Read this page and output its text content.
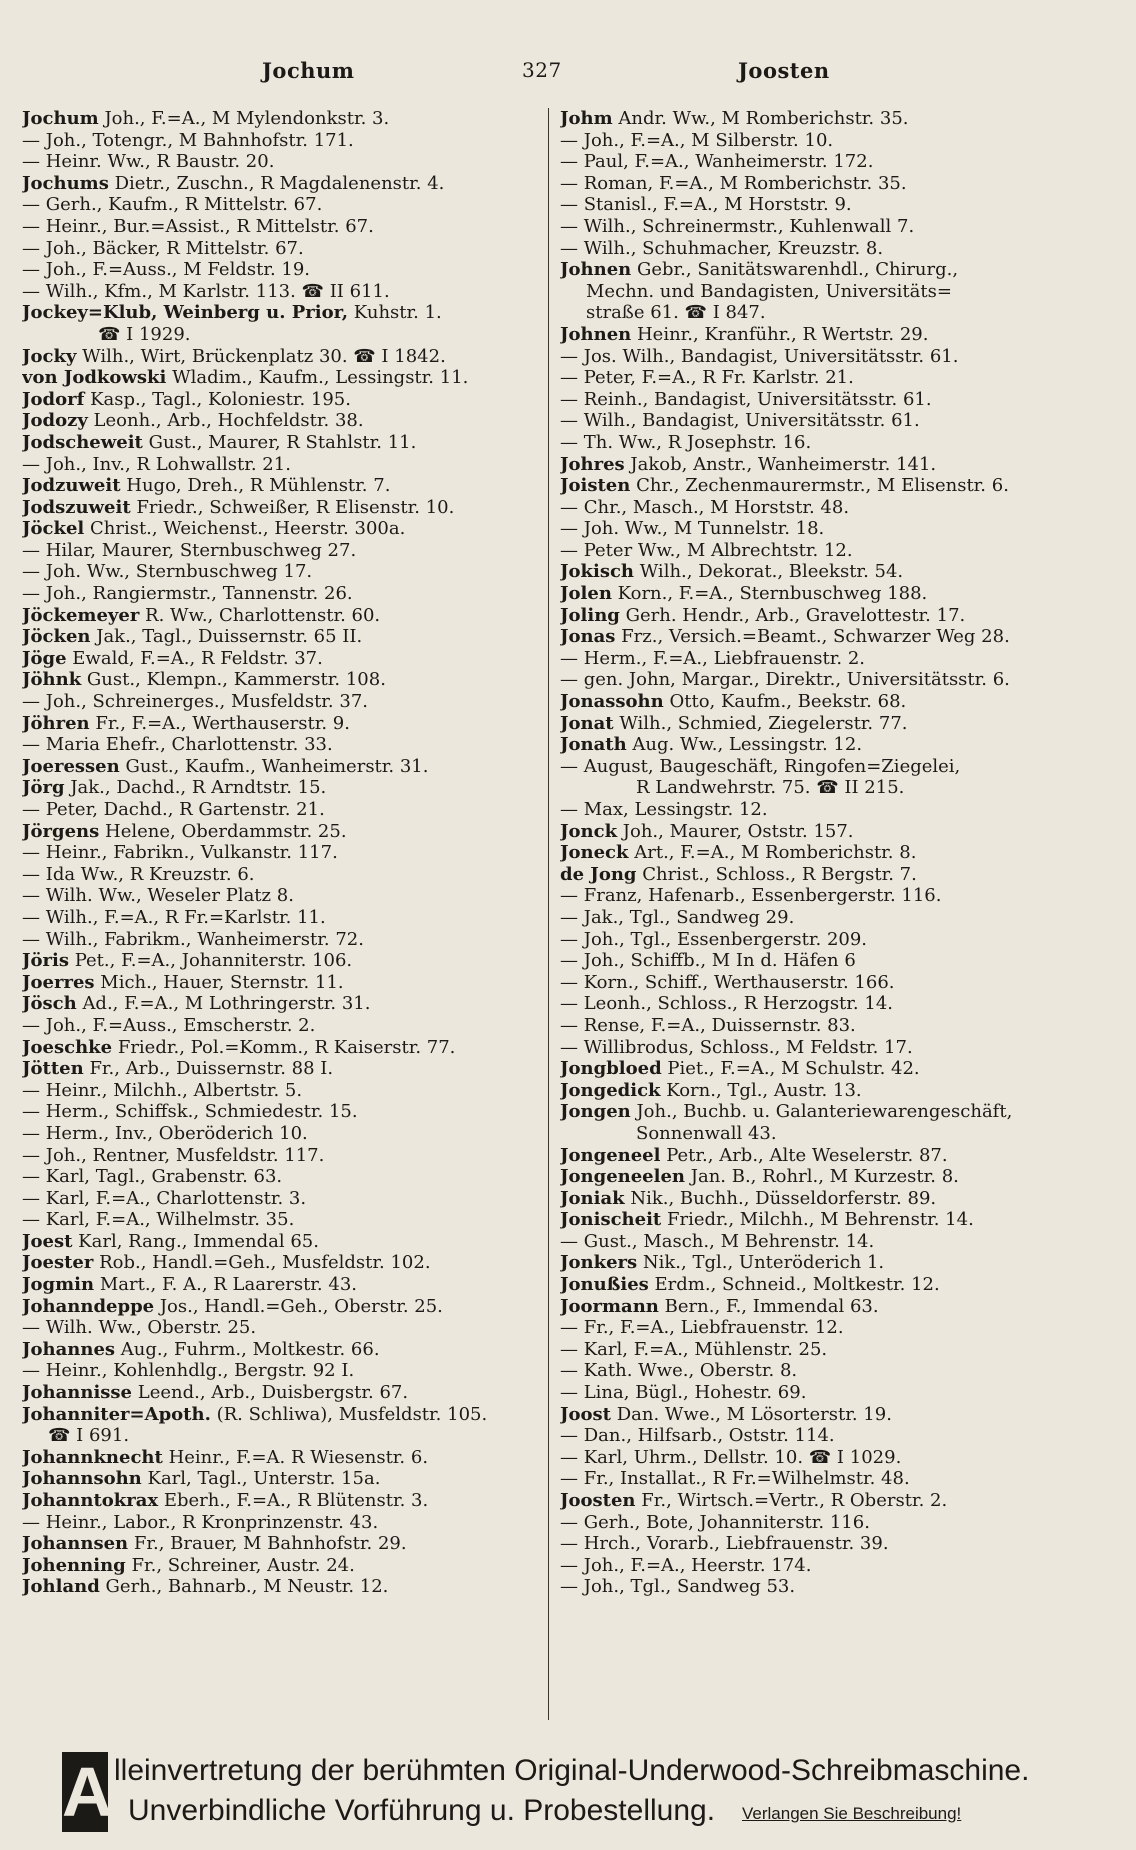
Jochum	327	Joosten
Jochum Joh., F.=A., M Mylendonkstr. 3.
— Joh., Totengr., M Bahnhofstr. 171.
— Heinr. Ww., R Baustr. 20.
Jochums Dietr., Zuschn., R Magdalenenstr. 4.
— Gerh., Kaufm., R Mittelstr. 67.
— Heinr., Bur.=Assist., R Mittelstr. 67.
— Joh., Bäcker, R Mittelstr. 67.
— Joh., F.=Auss., M Feldstr. 19.
— Wilh., Kfm., M Karlstr. 113. ☎ II 611.
Jockey=Klub, Weinberg u. Prior, Kuhstr. 1.
☎ I 1929.
Jocky Wilh., Wirt, Brückenplatz 30. ☎ I 1842.
von Jodkowski Wladim., Kaufm., Lessingstr. 11.
Jodorf Kasp., Tagl., Koloniestr. 195.
Jodozy Leonh., Arb., Hochfeldstr. 38.
Jodscheweit Gust., Maurer, R Stahlstr. 11.
— Joh., Inv., R Lohwallstr. 21.
Jodzuweit Hugo, Dreh., R Mühlenstr. 7.
Jodszuweit Friedr., Schweißer, R Elisenstr. 10.
Jöckel Christ., Weichenst., Heerstr. 300a.
— Hilar, Maurer, Sternbuschweg 27.
— Joh. Ww., Sternbuschweg 17.
— Joh., Rangiermstr., Tannenstr. 26.
Jöckemeyer R. Ww., Charlottenstr. 60.
Jöcken Jak., Tagl., Duissernstr. 65 II.
Jöge Ewald, F.=A., R Feldstr. 37.
Jöhnk Gust., Klempn., Kammerstr. 108.
— Joh., Schreinerges., Musfeldstr. 37.
Jöhren Fr., F.=A., Werthauserstr. 9.
— Maria Ehefr., Charlottenstr. 33.
Joeressen Gust., Kaufm., Wanheimerstr. 31.
Jörg Jak., Dachd., R Arndtstr. 15.
— Peter, Dachd., R Gartenstr. 21.
Jörgens Helene, Oberdammstr. 25.
— Heinr., Fabrikn., Vulkanstr. 117.
— Ida Ww., R Kreuzstr. 6.
— Wilh. Ww., Weseler Platz 8.
— Wilh., F.=A., R Fr.=Karlstr. 11.
— Wilh., Fabrikm., Wanheimerstr. 72.
Jöris Pet., F.=A., Johanniterstr. 106.
Joerres Mich., Hauer, Sternstr. 11.
Jösch Ad., F.=A., M Lothringerstr. 31.
— Joh., F.=Auss., Emscherstr. 2.
Joeschke Friedr., Pol.=Komm., R Kaiserstr. 77.
Jötten Fr., Arb., Duissernstr. 88 I.
— Heinr., Milchh., Albertstr. 5.
— Herm., Schiffsk., Schmiedestr. 15.
— Herm., Inv., Oberöderich 10.
— Joh., Rentner, Musfeldstr. 117.
— Karl, Tagl., Grabenstr. 63.
— Karl, F.=A., Charlottenstr. 3.
— Karl, F.=A., Wilhelmstr. 35.
Joest Karl, Rang., Immendal 65.
Joester Rob., Handl.=Geh., Musfeldstr. 102.
Jogmin Mart., F. A., R Laarerstr. 43.
Johanndeppe Jos., Handl.=Geh., Oberstr. 25.
— Wilh. Ww., Oberstr. 25.
Johannes Aug., Fuhrm., Moltkestr. 66.
— Heinr., Kohlenhdlg., Bergstr. 92 I.
Johannisse Leend., Arb., Duisbergstr. 67.
Johanniter=Apoth. (R. Schliwa), Musfeldstr. 105.
☎ I 691.
Johannknecht Heinr., F.=A. R Wiesenstr. 6.
Johannsohn Karl, Tagl., Unterstr. 15a.
Johanntokrax Eberh., F.=A., R Blütenstr. 3.
— Heinr., Labor., R Kronprinzenstr. 43.
Johannsen Fr., Brauer, M Bahnhofstr. 29.
Johenning Fr., Schreiner, Austr. 24.
Johland Gerh., Bahnarb., M Neustr. 12.
Johm Andr. Ww., M Romberichstr. 35.
— Joh., F.=A., M Silberstr. 10.
— Paul, F.=A., Wanheimerstr. 172.
— Roman, F.=A., M Romberichstr. 35.
— Stanisl., F.=A., M Horststr. 9.
— Wilh., Schreinermstr., Kuhlenwall 7.
— Wilh., Schuhmacher, Kreuzstr. 8.
Johnen Gebr., Sanitätswarenhdl., Chirurg.,
Mechn. und Bandagisten, Universitäts=
straße 61. ☎ I 847.
Johnen Heinr., Kranführ., R Wertstr. 29.
— Jos. Wilh., Bandagist, Universitätsstr. 61.
— Peter, F.=A., R Fr. Karlstr. 21.
— Reinh., Bandagist, Universitätsstr. 61.
— Wilh., Bandagist, Universitätsstr. 61.
— Th. Ww., R Josephstr. 16.
Johres Jakob, Anstr., Wanheimerstr. 141.
Joisten Chr., Zechenmaurermstr., M Elisenstr. 6.
— Chr., Masch., M Horststr. 48.
— Joh. Ww., M Tunnelstr. 18.
— Peter Ww., M Albrechtstr. 12.
Jokisch Wilh., Dekorat., Bleekstr. 54.
Jolen Korn., F.=A., Sternbuschweg 188.
Joling Gerh. Hendr., Arb., Gravelottestr. 17.
Jonas Frz., Versich.=Beamt., Schwarzer Weg 28.
— Herm., F.=A., Liebfrauenstr. 2.
— gen. John, Margar., Direktr., Universitätsstr. 6.
Jonassohn Otto, Kaufm., Beekstr. 68.
Jonat Wilh., Schmied, Ziegelerstr. 77.
Jonath Aug. Ww., Lessingstr. 12.
— August, Baugeschäft, Ringofen=Ziegelei,
R Landwehrstr. 75. ☎ II 215.
— Max, Lessingstr. 12.
Jonck Joh., Maurer, Oststr. 157.
Joneck Art., F.=A., M Romberichstr. 8.
de Jong Christ., Schloss., R Bergstr. 7.
— Franz, Hafenarb., Essenbergerstr. 116.
— Jak., Tgl., Sandweg 29.
— Joh., Tgl., Essenbergerstr. 209.
— Joh., Schiffb., M In d. Häfen 6
— Korn., Schiff., Werthauserstr. 166.
— Leonh., Schloss., R Herzogstr. 14.
— Rense, F.=A., Duissernstr. 83.
— Willibrodus, Schloss., M Feldstr. 17.
Jongbloed Piet., F.=A., M Schulstr. 42.
Jongedick Korn., Tgl., Austr. 13.
Jongen Joh., Buchb. u. Galanteriewarengeschäft,
Sonnenwall 43.
Jongeneel Petr., Arb., Alte Weselerstr. 87.
Jongeneelen Jan. B., Rohrl., M Kurzestr. 8.
Joniak Nik., Buchh., Düsseldorferstr. 89.
Jonischeit Friedr., Milchh., M Behrenstr. 14.
— Gust., Masch., M Behrenstr. 14.
Jonkers Nik., Tgl., Unteröderich 1.
Jonußies Erdm., Schneid., Moltkestr. 12.
Joormann Bern., F., Immendal 63.
— Fr., F.=A., Liebfrauenstr. 12.
— Karl, F.=A., Mühlenstr. 25.
— Kath. Wwe., Oberstr. 8.
— Lina, Bügl., Hohestr. 69.
Joost Dan. Wwe., M Lösorterstr. 19.
— Dan., Hilfsarb., Oststr. 114.
— Karl, Uhrm., Dellstr. 10. ☎ I 1029.
— Fr., Installat., R Fr.=Wilhelmstr. 48.
Joosten Fr., Wirtsch.=Vertr., R Oberstr. 2.
— Gerh., Bote, Johanniterstr. 116.
— Hrch., Vorarb., Liebfrauenstr. 39.
— Joh., F.=A., Heerstr. 174.
— Joh., Tgl., Sandweg 53.
A lleinvertretung der berühmten Original-Underwood-Schreibmaschine.
Unverbindliche Vorführung u. Probestellung. Verlangen Sie Beschreibung!
